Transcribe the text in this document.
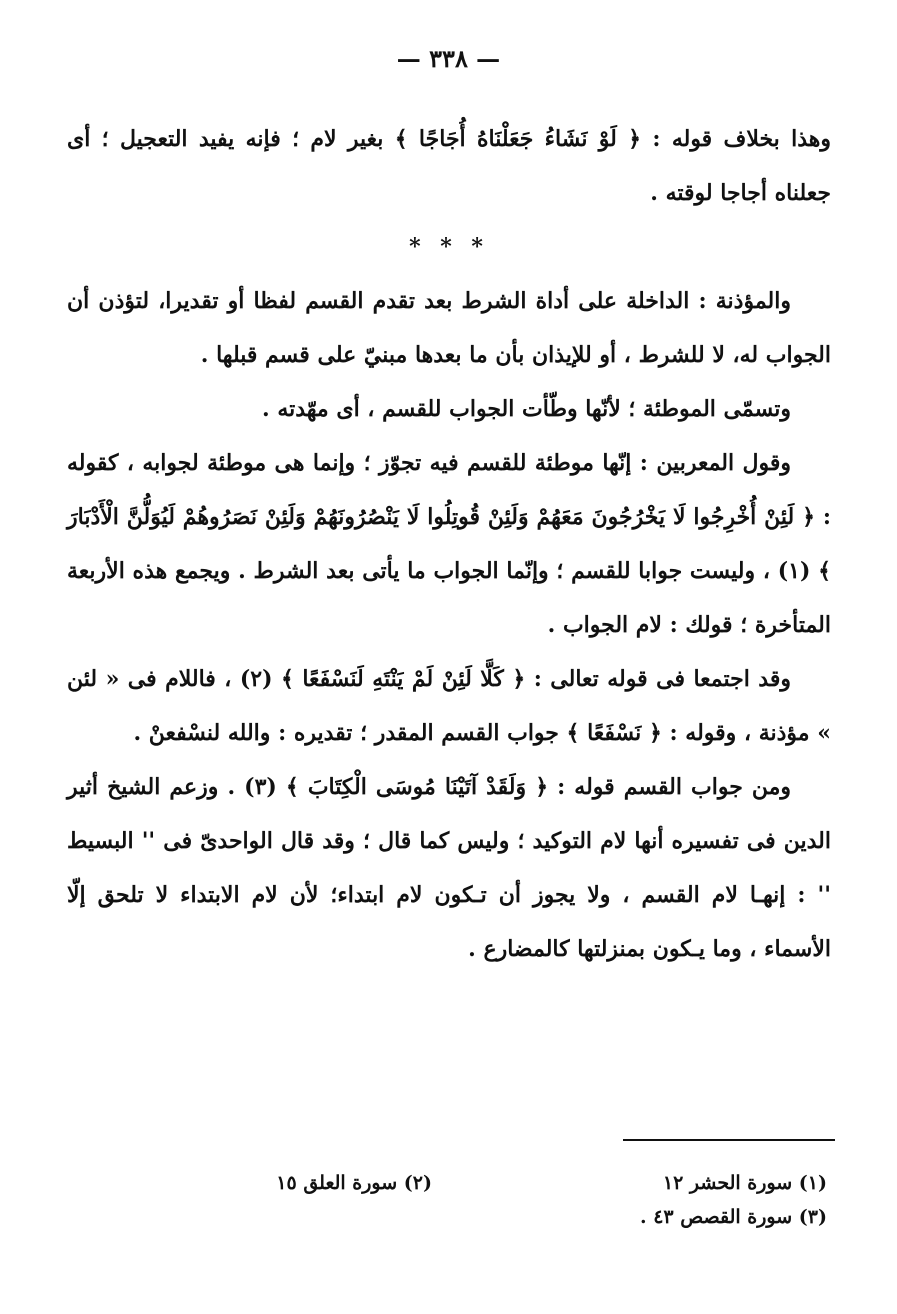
— ٣٣٨ —

وهذا بخلاف قوله : ﴿ لَوْ نَشَاءُ جَعَلْنَاهُ أُجَاجًا ﴾ بغير لام ؛ فإنه يفيد التعجيل ؛ أى جعلناه أجاجا لوقته .

* * *

والمؤذنة : الداخلة على أداة الشرط بعد تقدم القسم لفظا أو تقديرا، لتؤذن أن الجواب له، لا للشرط ، أو للإيذان بأن ما بعدها مبنيّ على قسم قبلها .

وتسمّى الموطئة ؛ لأنّها وطّأت الجواب للقسم ، أى مهّدته .

وقول المعربين : إنّها موطئة للقسم فيه تجوّز ؛ وإنما هى موطئة لجوابه ، كقوله : ﴿ لَئِنْ أُخْرِجُوا لَا يَخْرُجُونَ مَعَهُمْ وَلَئِنْ قُوتِلُوا لَا يَنْصُرُونَهُمْ وَلَئِنْ نَصَرُوهُمْ لَيُوَلُّنَّ الْأَدْبَارَ ﴾ (١) ، وليست جوابا للقسم ؛ وإنّما الجواب ما يأتى بعد الشرط . ويجمع هذه الأربعة المتأخرة ؛ قولك : لام الجواب .

وقد اجتمعا فى قوله تعالى : ﴿ كَلَّا لَئِنْ لَمْ يَنْتَهِ لَنَسْفَعًا ﴾ (٢) ، فاللام فى « لئن » مؤذنة ، وقوله : ﴿ نَسْفَعًا ﴾ جواب القسم المقدر ؛ تقديره : والله لنسْفعنْ .

ومن جواب القسم قوله : ﴿ وَلَقَدْ آتَيْنَا مُوسَى الْكِتَابَ ﴾ (٣) . وزعم الشيخ أثير الدين فى تفسيره أنها لام التوكيد ؛ وليس كما قال ؛ وقد قال الواحدىّ فى '' البسيط '' : إنهـا لام القسم ، ولا يجوز أن تـكون لام ابتداء؛ لأن لام الابتداء لا تلحق إلّا الأسماء ، وما يـكون بمنزلتها كالمضارع .

(١) سورة الحشر ١٢
(٢) سورة العلق ١٥
(٣) سورة القصص ٤٣ .
